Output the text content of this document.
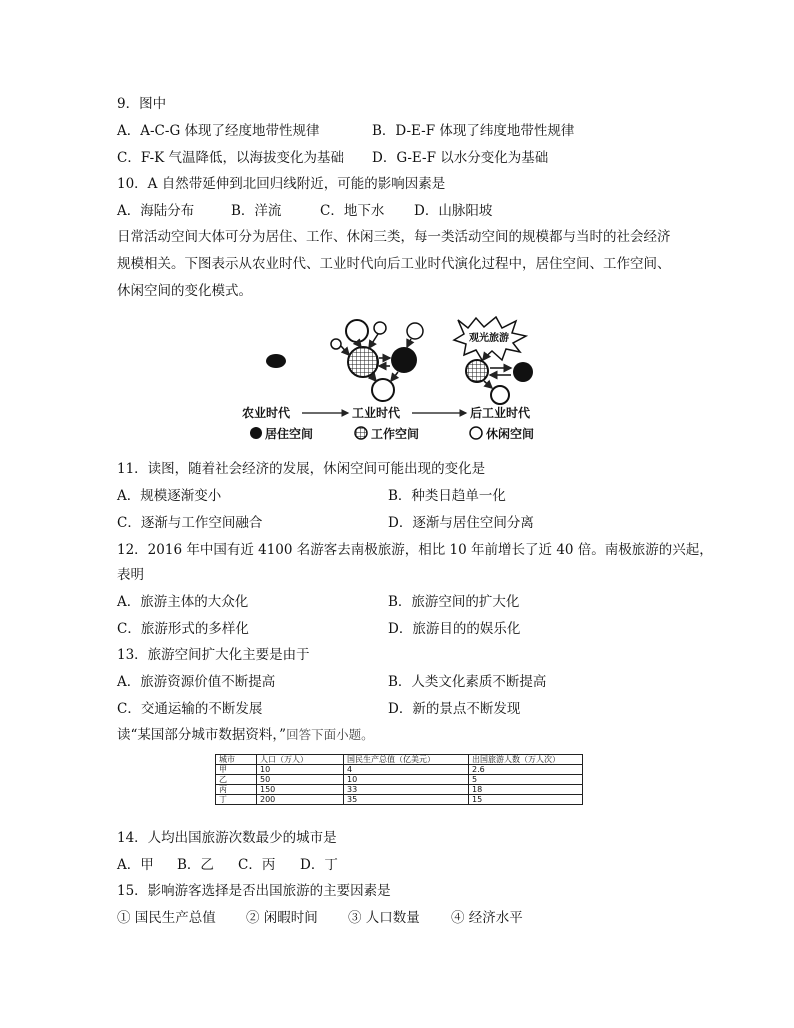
9．图中
A．A-C-G 体现了经度地带性规律	B．D-E-F 体现了纬度地带性规律
C．F-K 气温降低，以海拔变化为基础 D．G-E-F 以水分变化为基础
10．A 自然带延伸到北回归线附近，可能的影响因素是
A．海陆分布	B．洋流	C．地下水 D．山脉阳坡
日常活动空间大体可分为居住、工作、休闲三类，每一类活动空间的规模都与当时的社会经济
规模相关。下图表示从农业时代、工业时代向后工业时代演化过程中，居住空间、工作空间、
休闲空间的变化模式。
观光旅游
农业时代	工业时代	后工业时代
居住空间	工作空间	休闲空间
11．读图，随着社会经济的发展，休闲空间可能出现的变化是
A．规模逐渐变小	B．种类日趋单一化
C．逐渐与工作空间融合	D．逐渐与居住空间分离
12．2016 年中国有近 4100 名游客去南极旅游，相比 10 年前增长了近 40 倍。南极旅游的兴起，
表明
A．旅游主体的大众化	B．旅游空间的扩大化
C．旅游形式的多样化	D．旅游目的的娱乐化
13．旅游空间扩大化主要是由于
A．旅游资源价值不断提高	B．人类文化素质不断提高
C．交通运输的不断发展	D．新的景点不断发现
读“某国部分城市数据资料，”回答下面小题。
城市	人口（万人）	国民生产总值（亿美元）	出国旅游人数（万人次）
甲	10	4	2.6
乙	50	10	5
丙	150	33	18
丁	200	35	15
14．人均出国旅游次数最少的城市是
A．甲 B．乙 C．丙 D．丁
15．影响游客选择是否出国旅游的主要因素是
① 国民生产总值 ② 闲暇时间 ③ 人口数量 ④ 经济水平
